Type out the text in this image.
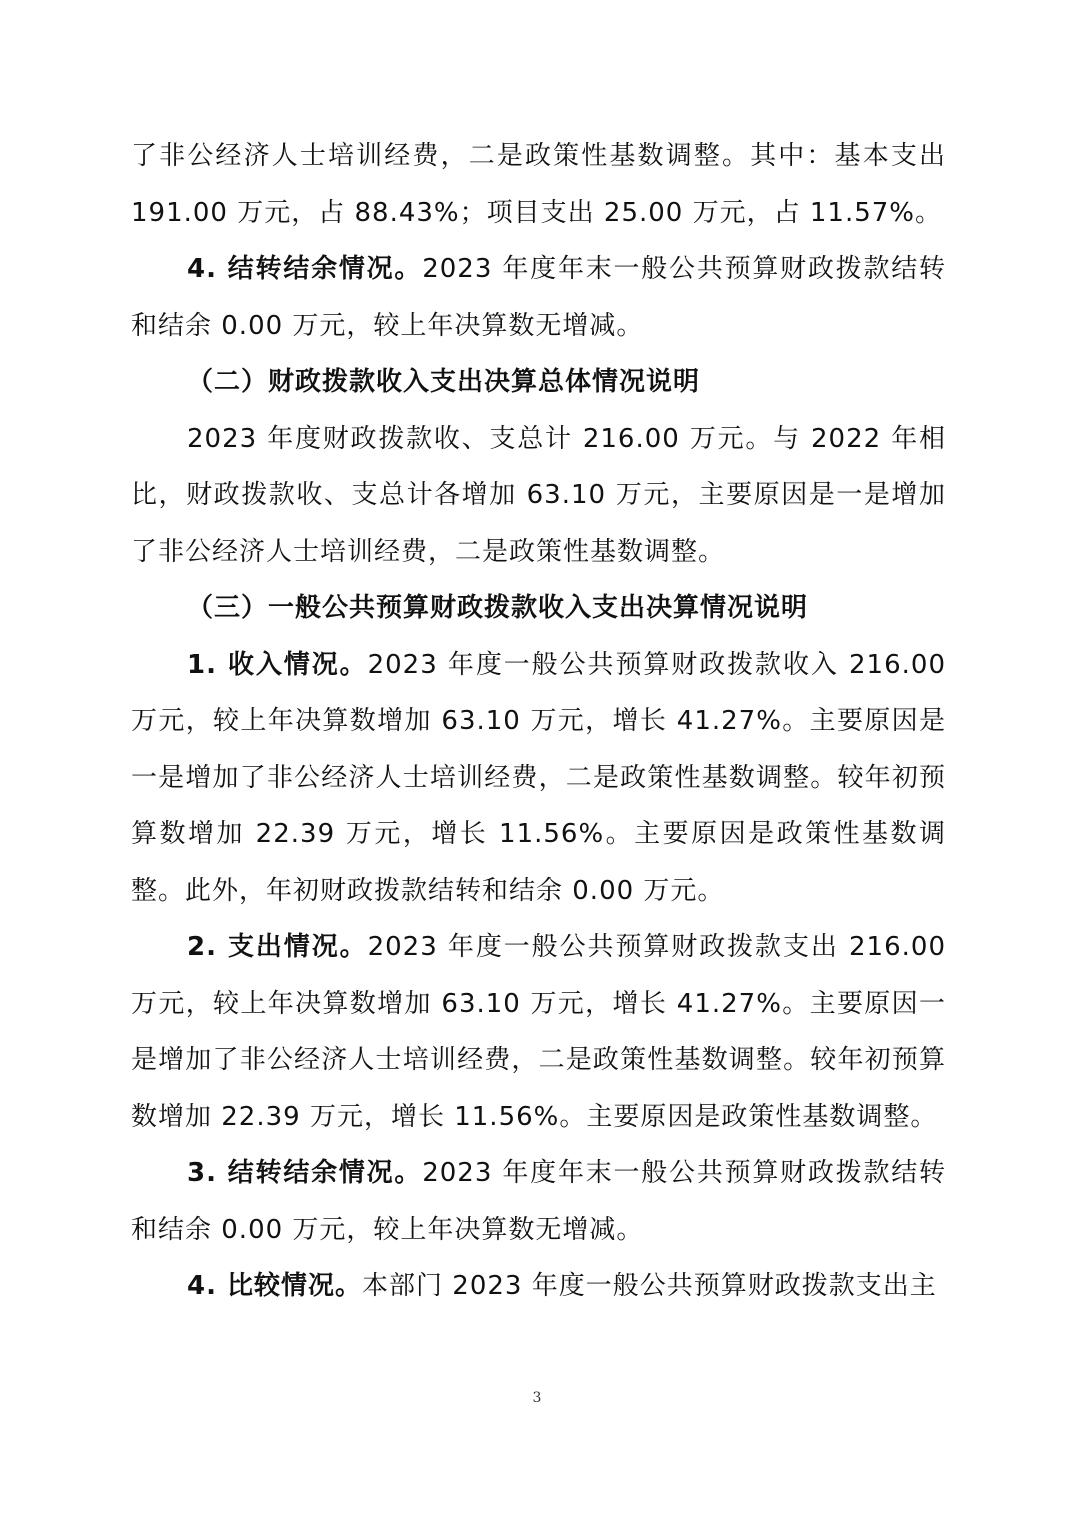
了非公经济人士培训经费，二是政策性基数调整。其中：基本支出 191.00 万元，占 88.43%；项目支出 25.00 万元，占 11.57%。

4. 结转结余情况。2023 年度年末一般公共预算财政拨款结转和结余 0.00 万元，较上年决算数无增减。

（二）财政拨款收入支出决算总体情况说明

2023 年度财政拨款收、支总计 216.00 万元。与 2022 年相比，财政拨款收、支总计各增加 63.10 万元，主要原因是一是增加了非公经济人士培训经费，二是政策性基数调整。

（三）一般公共预算财政拨款收入支出决算情况说明

1. 收入情况。2023 年度一般公共预算财政拨款收入 216.00 万元，较上年决算数增加 63.10 万元，增长 41.27%。主要原因是一是增加了非公经济人士培训经费，二是政策性基数调整。较年初预算数增加 22.39 万元，增长 11.56%。主要原因是政策性基数调整。此外，年初财政拨款结转和结余 0.00 万元。

2. 支出情况。2023 年度一般公共预算财政拨款支出 216.00 万元，较上年决算数增加 63.10 万元，增长 41.27%。主要原因一是增加了非公经济人士培训经费，二是政策性基数调整。较年初预算数增加 22.39 万元，增长 11.56%。主要原因是政策性基数调整。

3. 结转结余情况。2023 年度年末一般公共预算财政拨款结转和结余 0.00 万元，较上年决算数无增减。

4. 比较情况。本部门 2023 年度一般公共预算财政拨款支出主

3
